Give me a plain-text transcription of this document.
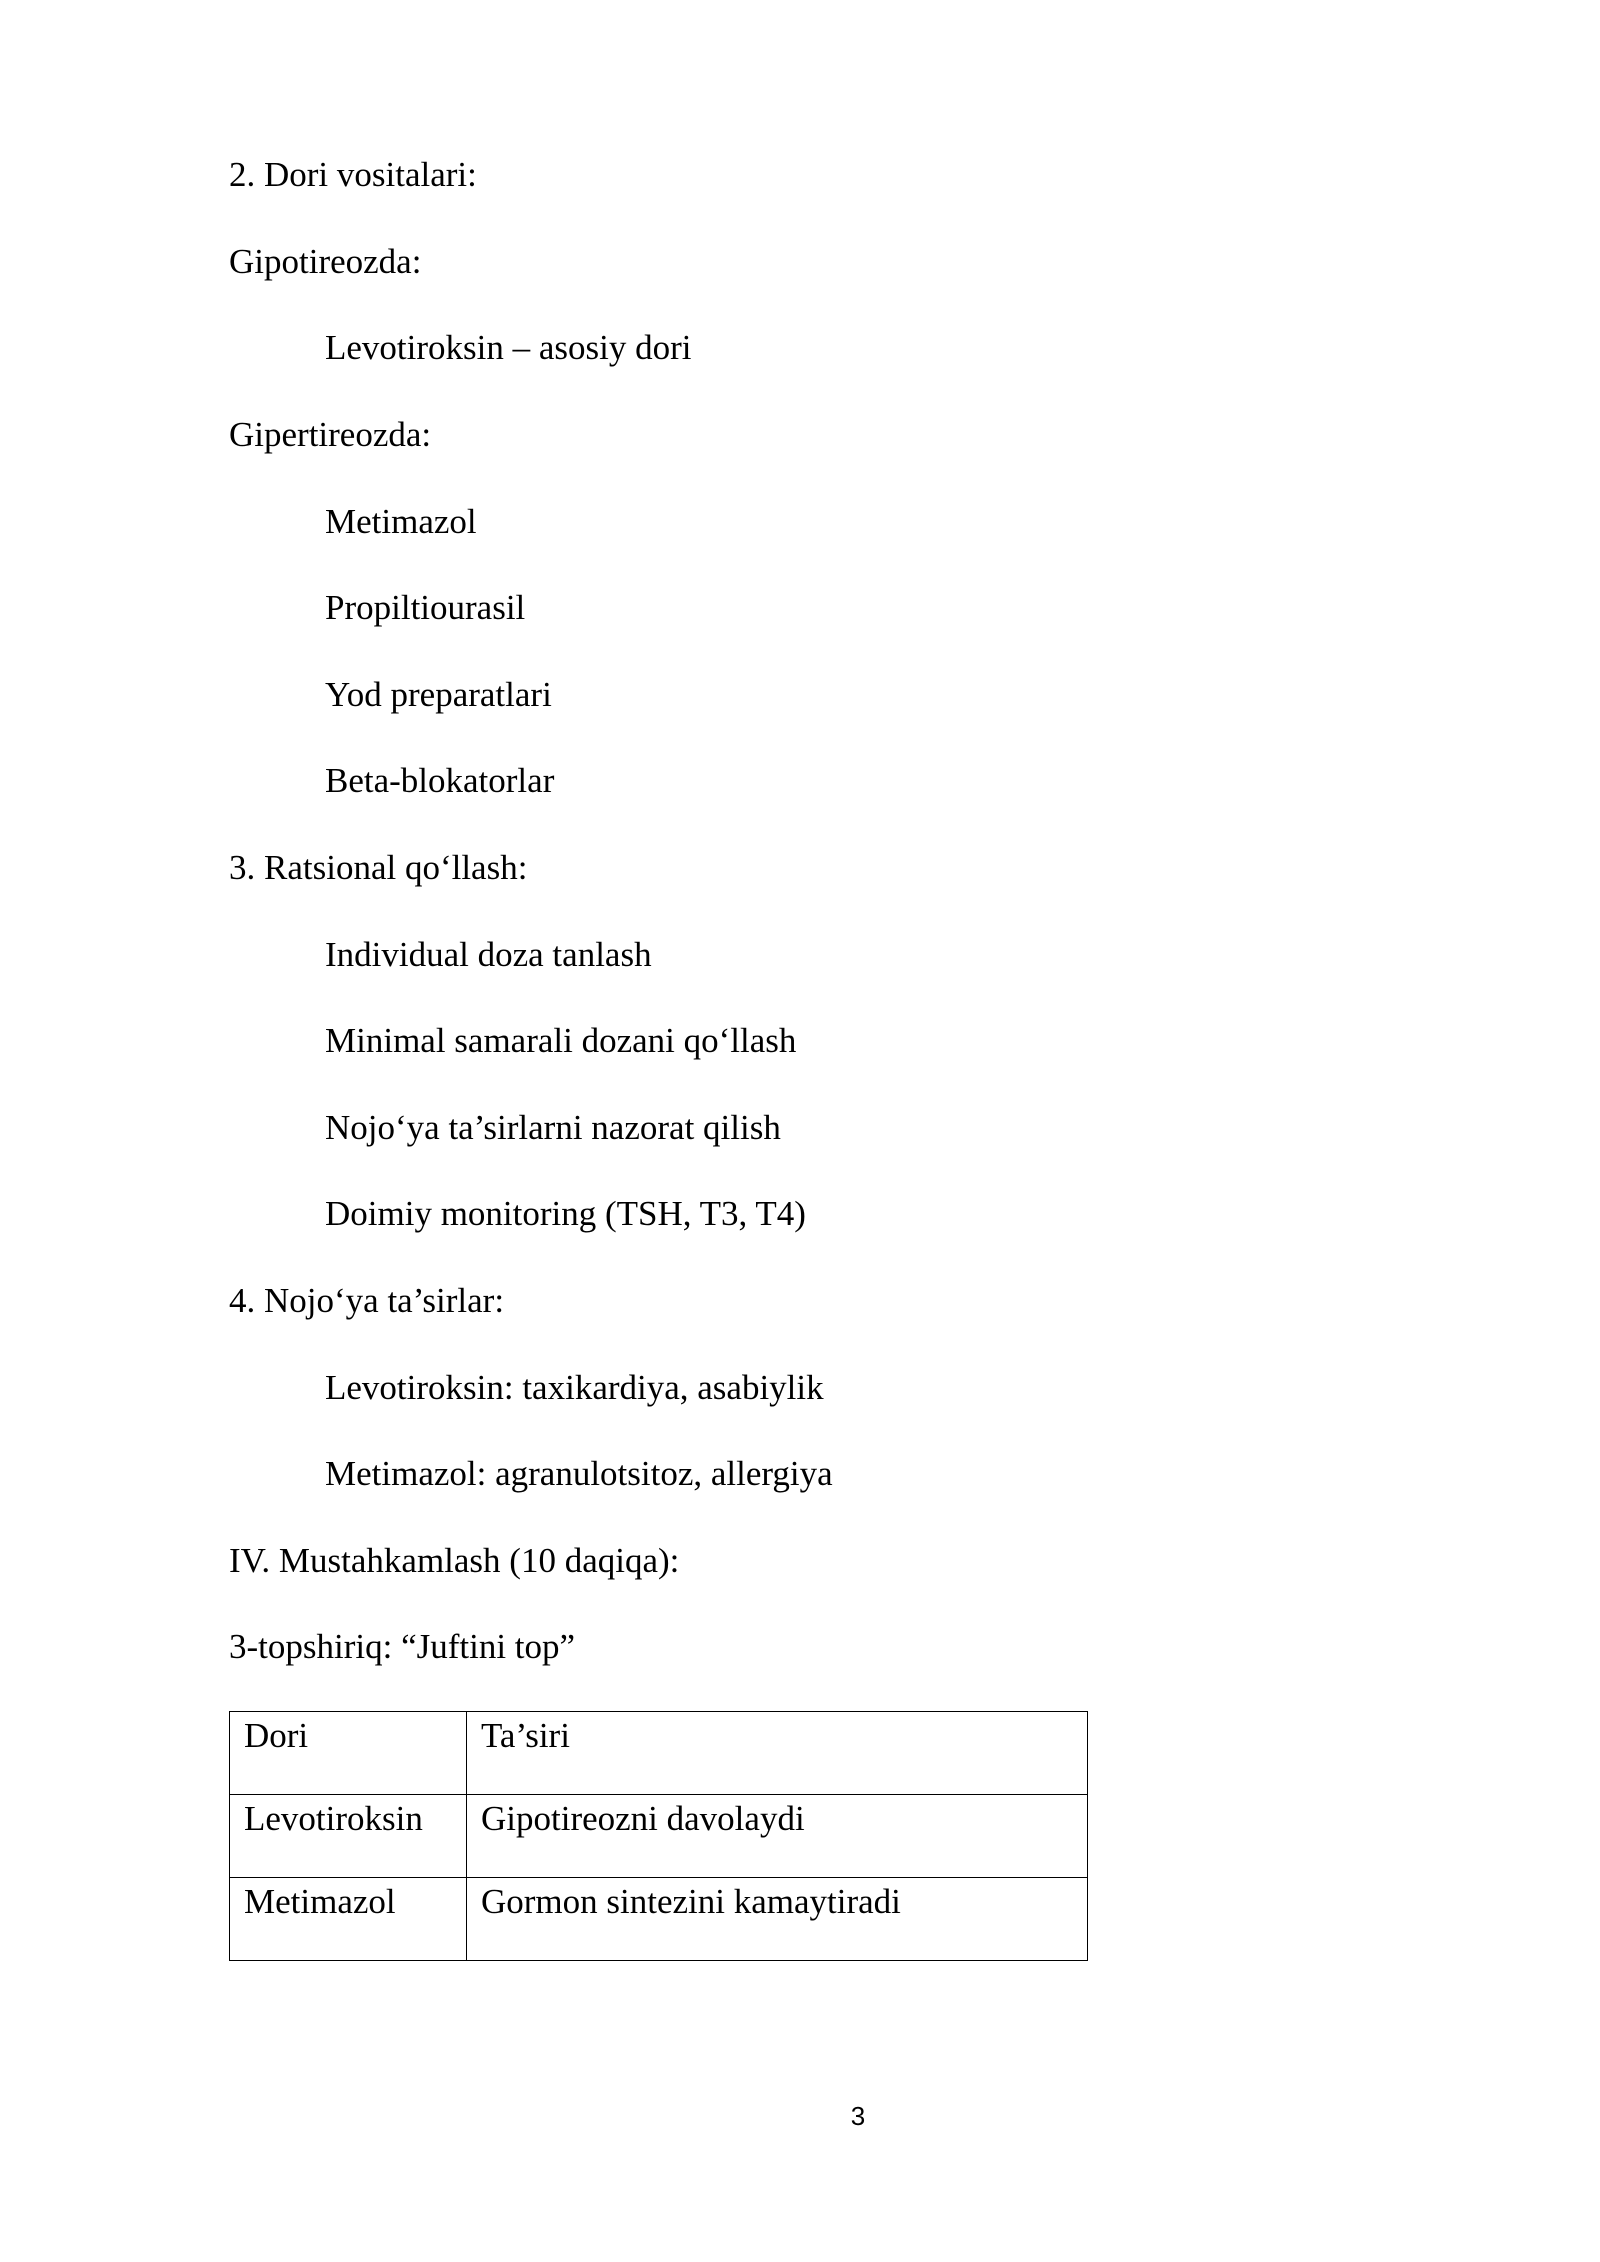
2. Dori vositalari:
Gipotireozda:
Levotiroksin – asosiy dori
Gipertireozda:
Metimazol
Propiltiourasil
Yod preparatlari
Beta-blokatorlar
3. Ratsional qo‘llash:
Individual doza tanlash
Minimal samarali dozani qo‘llash
Nojo‘ya ta’sirlarni nazorat qilish
Doimiy monitoring (TSH, T3, T4)
4. Nojo‘ya ta’sirlar:
Levotiroksin: taxikardiya, asabiylik
Metimazol: agranulotsitoz, allergiya
IV. Mustahkamlash (10 daqiqa):
3-topshiriq: “Juftini top”
Dori	Ta’siri
Levotiroksin	Gipotireozni davolaydi
Metimazol	Gormon sintezini kamaytiradi
3
